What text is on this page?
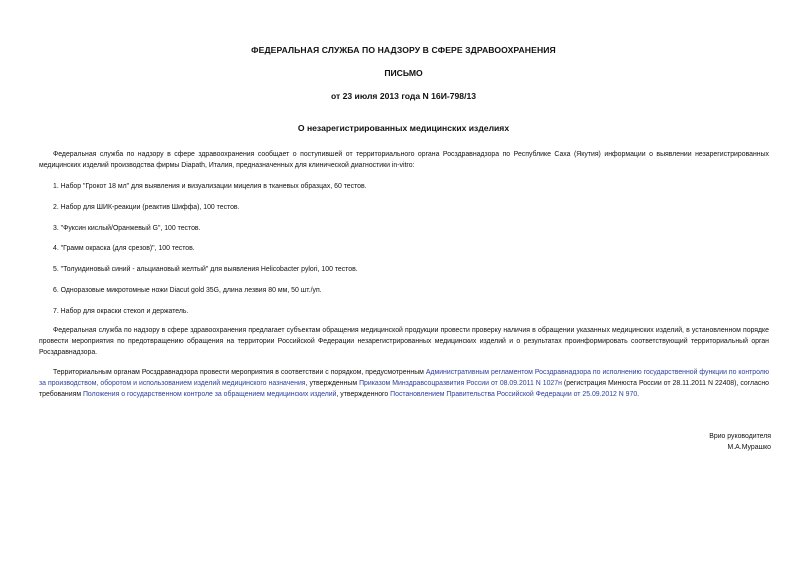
ФЕДЕРАЛЬНАЯ СЛУЖБА ПО НАДЗОРУ В СФЕРЕ ЗДРАВООХРАНЕНИЯ
ПИСЬМО
от 23 июля 2013 года N 16И-798/13
О незарегистрированных медицинских изделиях

Федеральная служба по надзору в сфере здравоохранения сообщает о поступившей от территориального органа Росздравнадзора по Республике Саха (Якутия) информации о выявлении незарегистрированных медицинских изделий производства фирмы Diapath, Италия, предназначенных для клинической диагностики in-vitro:

1. Набор "Грокот 18 мл" для выявления и визуализации мицелия в тканевых образцах, 60 тестов.
2. Набор для ШИК-реакции (реактив Шиффа), 100 тестов.
3. "Фуксин кислый/Оранжевый G", 100 тестов.
4. "Грамм окраска (для срезов)", 100 тестов.
5. "Толуидиновый синий - альциановый желтый" для выявления Helicobacter pylori, 100 тестов.
6. Одноразовые микротомные ножи Diacut gold 35G, длина лезвия 80 мм, 50 шт./уп.
7. Набор для окраски стекол и держатель.

Федеральная служба по надзору в сфере здравоохранения предлагает субъектам обращения медицинской продукции провести проверку наличия в обращении указанных медицинских изделий, в установленном порядке провести мероприятия по предотвращению обращения на территории Российской Федерации незарегистрированных медицинских изделий и о результатах проинформировать соответствующий территориальный орган Росздравнадзора.

Территориальным органам Росздравнадзора провести мероприятия в соответствии с порядком, предусмотренным Административным регламентом Росздравнадзора по исполнению государственной функции по контролю за производством, оборотом и использованием изделий медицинского назначения, утвержденным Приказом Минздравсоцразвития России от 08.09.2011 N 1027н (регистрация Минюста России от 28.11.2011 N 22408), согласно требованиям Положения о государственном контроле за обращением медицинских изделий, утвержденного Постановлением Правительства Российской Федерации от 25.09.2012 N 970.

Врио руководителя
М.А.Мурашко
